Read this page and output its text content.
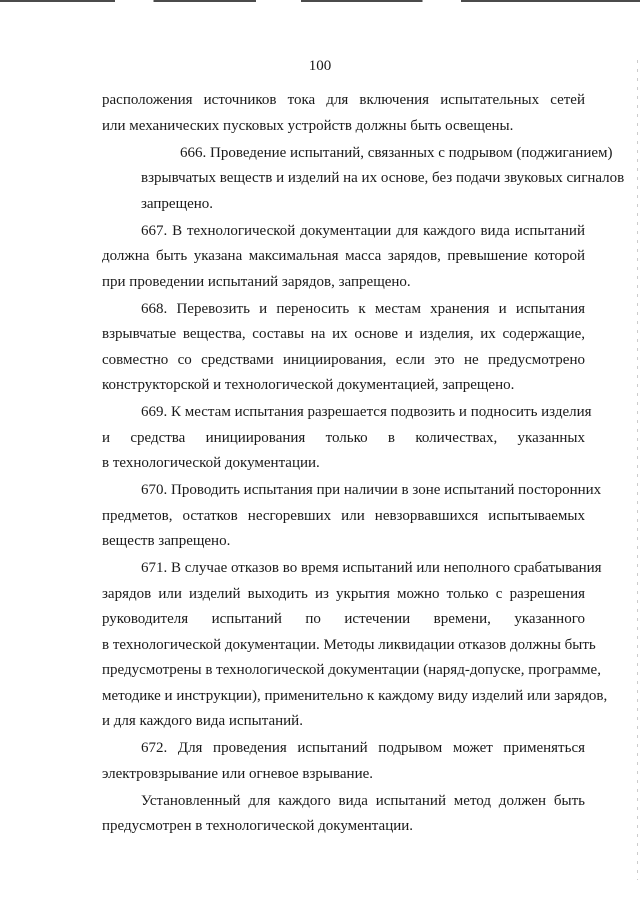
100

расположения источников тока для включения испытательных сетей
или механических пусковых устройств должны быть освещены.

666. Проведение испытаний, связанных с подрывом (поджиганием)
взрывчатых веществ и изделий на их основе, без подачи звуковых сигналов
запрещено.

667. В технологической документации для каждого вида испытаний
должна быть указана максимальная масса зарядов, превышение которой
при проведении испытаний зарядов, запрещено.

668. Перевозить и переносить к местам хранения и испытания
взрывчатые вещества, составы на их основе и изделия, их содержащие,
совместно со средствами инициирования, если это не предусмотрено
конструкторской и технологической документацией, запрещено.

669. К местам испытания разрешается подвозить и подносить изделия
и средства инициирования только в количествах, указанных
в технологической документации.

670. Проводить испытания при наличии в зоне испытаний посторонних
предметов, остатков несгоревших или невзорвавшихся испытываемых
веществ запрещено.

671. В случае отказов во время испытаний или неполного срабатывания
зарядов или изделий выходить из укрытия можно только с разрешения
руководителя испытаний по истечении времени, указанного
в технологической документации. Методы ликвидации отказов должны быть
предусмотрены в технологической документации (наряд-допуске, программе,
методике и инструкции), применительно к каждому виду изделий или зарядов,
и для каждого вида испытаний.

672. Для проведения испытаний подрывом может применяться
электровзрывание или огневое взрывание.

Установленный для каждого вида испытаний метод должен быть
предусмотрен в технологической документации.
